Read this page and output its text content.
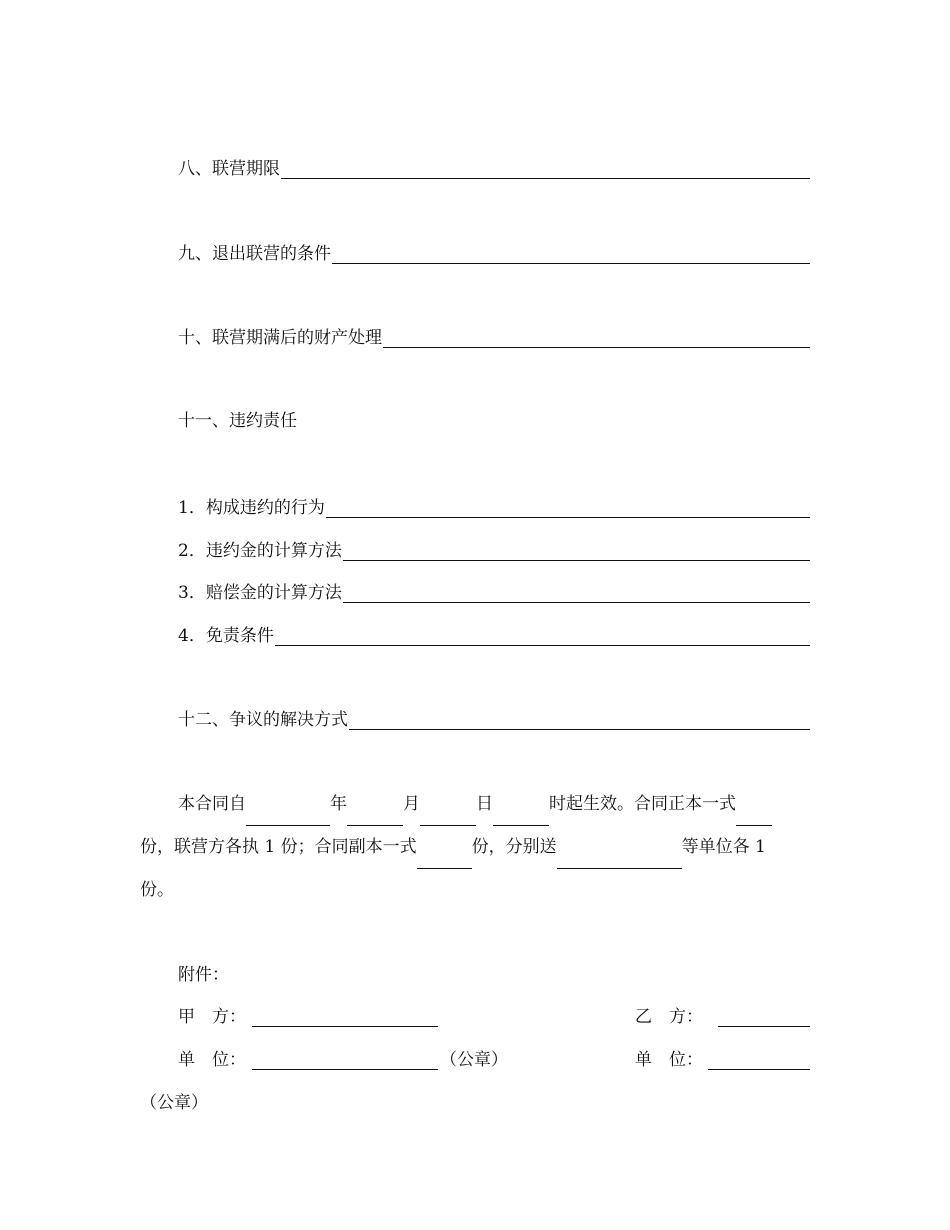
八、联营期限
九、退出联营的条件
十、联营期满后的财产处理
十一、违约责任
1．构成违约的行为
2．违约金的计算方法
3．赔偿金的计算方法
4．免责条件
十二、争议的解决方式
本合同自	年	月	日	时起生效。合同正本一式
份，联营方各执 1 份；合同副本一式	份，分别送	等单位各 1
份。
附件：
甲　方：	乙　方：
单　位：	（公章）	单　位：
（公章）
